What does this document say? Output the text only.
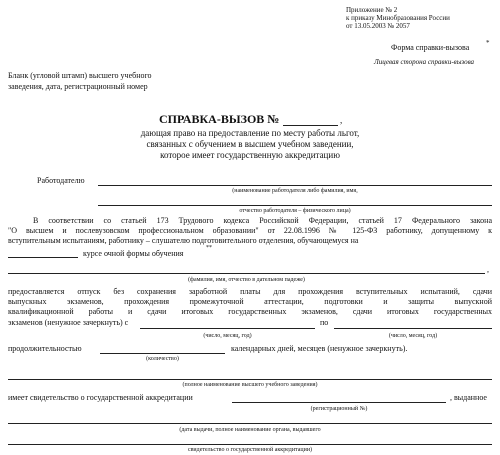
Приложение № 2
к приказу Минобразования России
от 13.05.2003 № 2057
Форма справки-вызова *
Лицевая сторона справки-вызова
Бланк (угловой штамп) высшего учебного
заведения, дата, регистрационный номер
СПРАВКА-ВЫЗОВ №	,
дающая право на предоставление по месту работы льгот,
связанных с обучением в высшем учебном заведении,
которое имеет государственную аккредитацию
Работодателю
(наименование работодателя либо фамилия, имя,
отчество работодателя – физического лица)
В соответствии со статьей 173 Трудового кодекса Российской Федерации, статьей 17 Федерального закона
"О высшем и послевузовском профессиональном образовании" от 22.08.1996 № 125-ФЗ работнику, допущенному к
вступительным испытаниям, работнику – слушателю подготовительного отделения, обучающемуся на
курсе очной формы обучения
**
,
(фамилия, имя, отчество в дательном падеже)
предоставляется отпуск без сохранения заработной платы для прохождения вступительных испытаний, сдачи
выпускных экзаменов, прохождения промежуточной аттестации, подготовки и защиты выпускной
квалификационной работы и сдачи итоговых государственных экзаменов, сдачи итоговых государственных
экзаменов (ненужное зачеркнуть) с	по
(число, месяц, год)	(число, месяц, год)
продолжительностью	календарных дней, месяцев (ненужное зачеркнуть).
(количество)
(полное наименование высшего учебного заведения)
имеет свидетельство о государственной аккредитации	, выданное
(регистрационный №)
(дата выдачи, полное наименование органа, выдавшего
свидетельство о государственной аккредитации)
